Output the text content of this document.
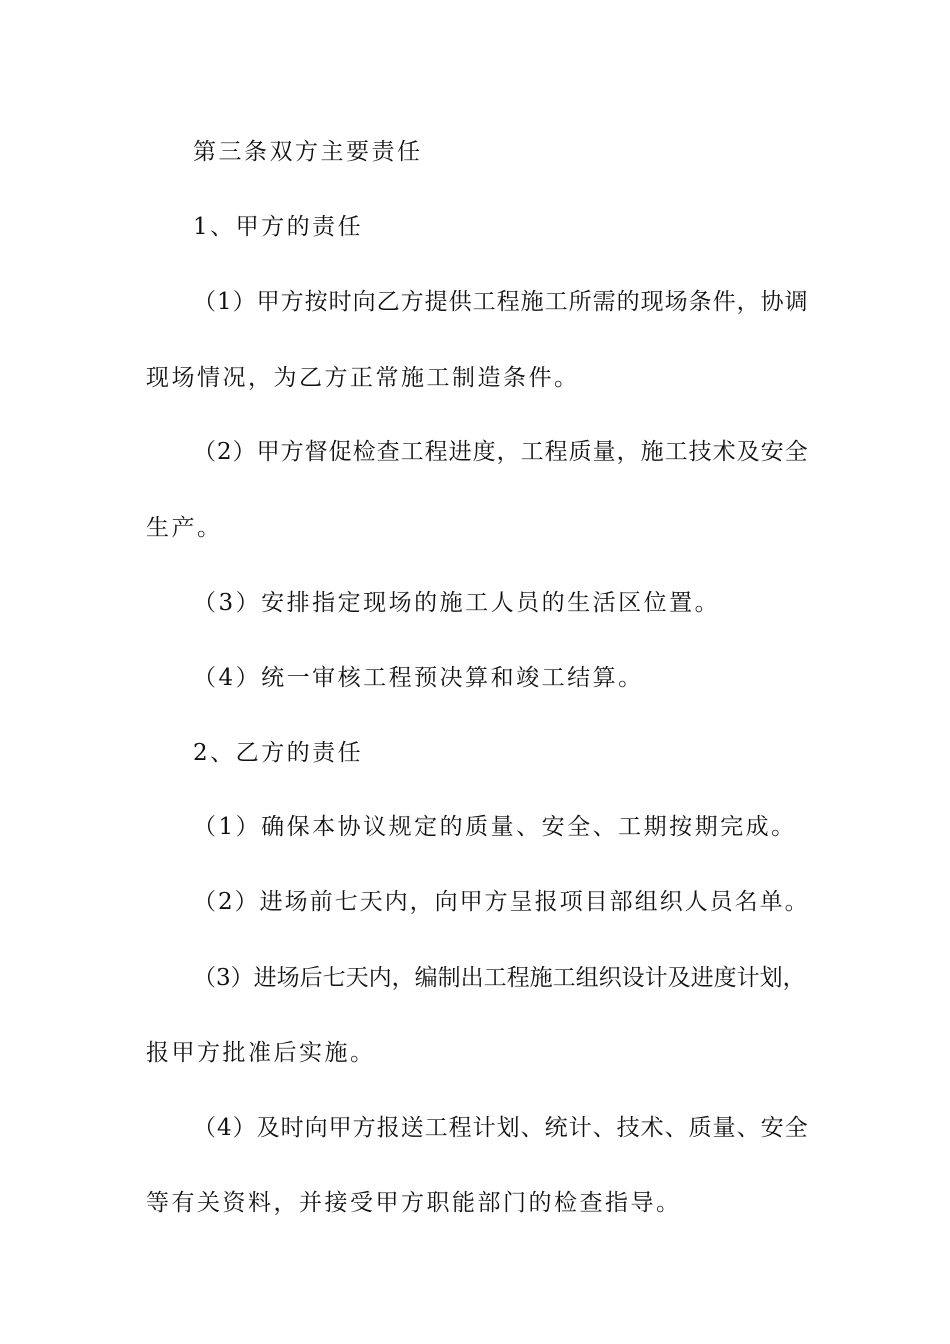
第三条双方主要责任
1、甲方的责任
（1）甲方按时向乙方提供工程施工所需的现场条件，协调
现场情况，为乙方正常施工制造条件。
（2）甲方督促检查工程进度，工程质量，施工技术及安全
生产。
（3）安排指定现场的施工人员的生活区位置。
（4）统一审核工程预决算和竣工结算。
2、乙方的责任
（1）确保本协议规定的质量、安全、工期按期完成。
（2）进场前七天内，向甲方呈报项目部组织人员名单。
（3）进场后七天内，编制出工程施工组织设计及进度计划，
报甲方批准后实施。
（4）及时向甲方报送工程计划、统计、技术、质量、安全
等有关资料，并接受甲方职能部门的检查指导。
